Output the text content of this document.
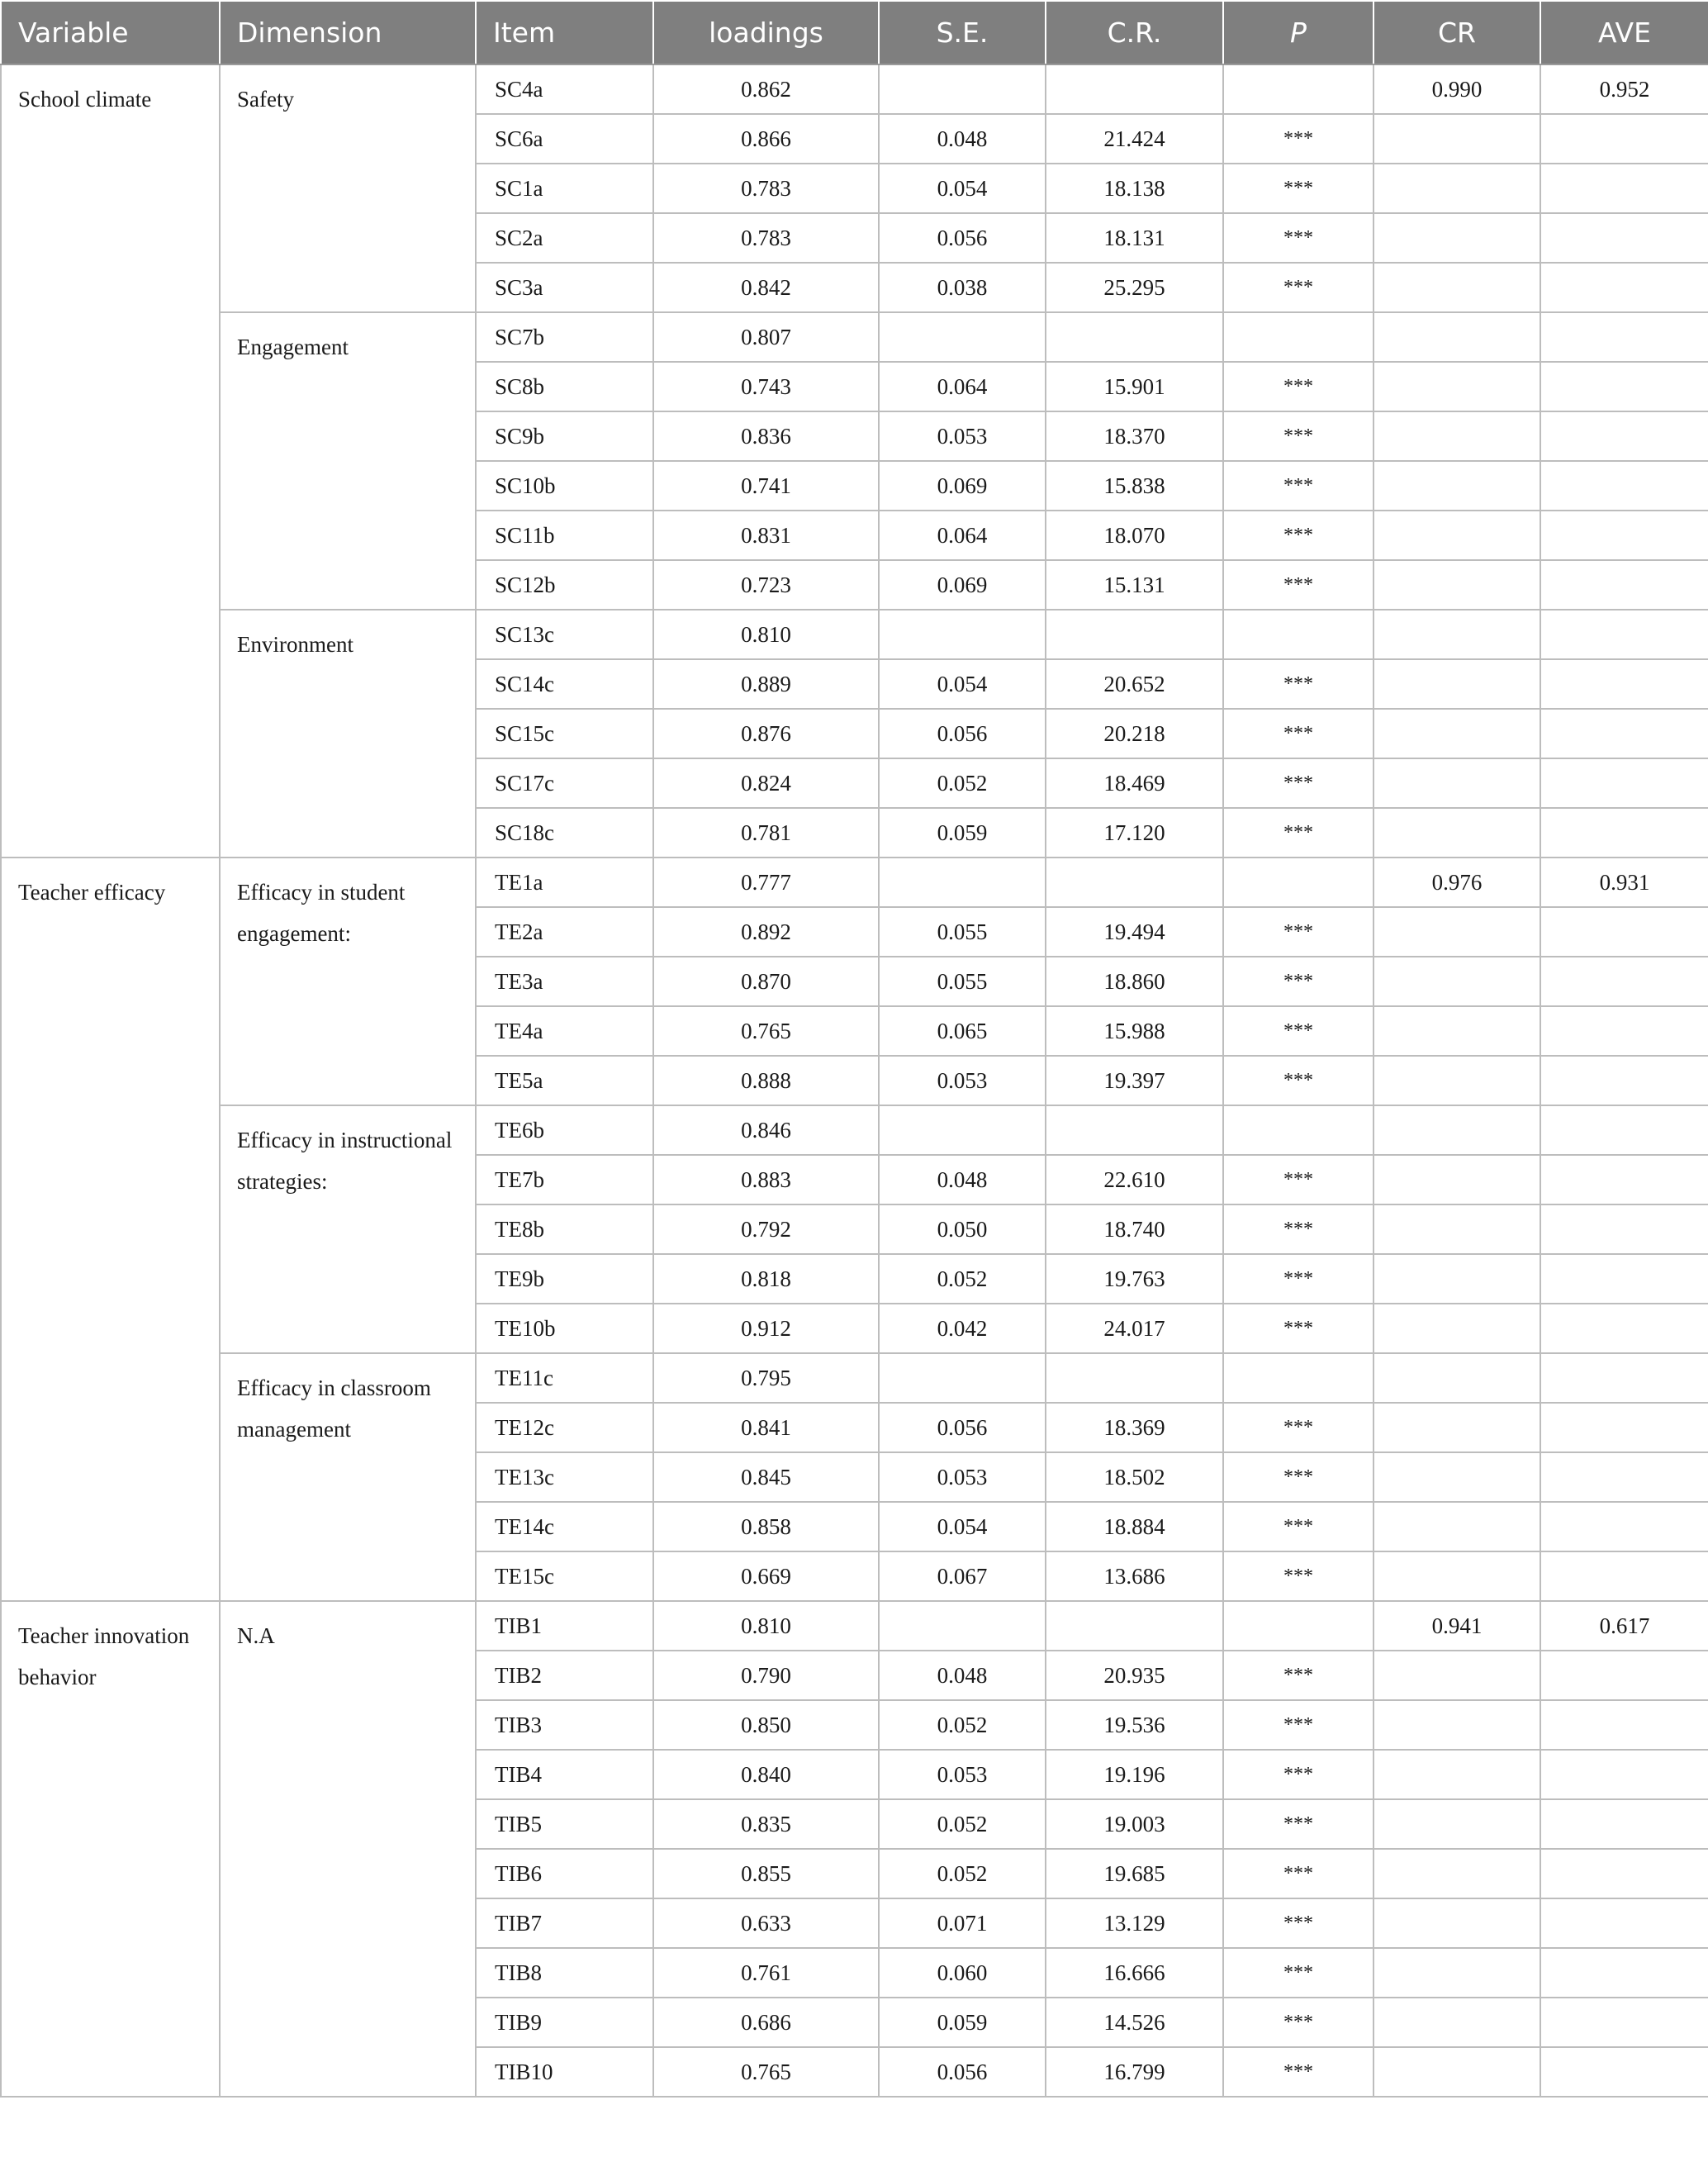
Variable	Dimension	Item	loadings	S.E.	C.R.	P	CR	AVE
School climate	Safety	SC4a	0.862				0.990	0.952
		SC6a	0.866	0.048	21.424	***		
		SC1a	0.783	0.054	18.138	***		
		SC2a	0.783	0.056	18.131	***		
		SC3a	0.842	0.038	25.295	***		
	Engagement	SC7b	0.807					
		SC8b	0.743	0.064	15.901	***		
		SC9b	0.836	0.053	18.370	***		
		SC10b	0.741	0.069	15.838	***		
		SC11b	0.831	0.064	18.070	***		
		SC12b	0.723	0.069	15.131	***		
	Environment	SC13c	0.810					
		SC14c	0.889	0.054	20.652	***		
		SC15c	0.876	0.056	20.218	***		
		SC17c	0.824	0.052	18.469	***		
		SC18c	0.781	0.059	17.120	***		
Teacher efficacy	Efficacy in student engagement:	TE1a	0.777				0.976	0.931
		TE2a	0.892	0.055	19.494	***		
		TE3a	0.870	0.055	18.860	***		
		TE4a	0.765	0.065	15.988	***		
		TE5a	0.888	0.053	19.397	***		
	Efficacy in instructional strategies:	TE6b	0.846					
		TE7b	0.883	0.048	22.610	***		
		TE8b	0.792	0.050	18.740	***		
		TE9b	0.818	0.052	19.763	***		
		TE10b	0.912	0.042	24.017	***		
	Efficacy in classroom management	TE11c	0.795					
		TE12c	0.841	0.056	18.369	***		
		TE13c	0.845	0.053	18.502	***		
		TE14c	0.858	0.054	18.884	***		
		TE15c	0.669	0.067	13.686	***		
Teacher innovation behavior	N.A	TIB1	0.810				0.941	0.617
		TIB2	0.790	0.048	20.935	***		
		TIB3	0.850	0.052	19.536	***		
		TIB4	0.840	0.053	19.196	***		
		TIB5	0.835	0.052	19.003	***		
		TIB6	0.855	0.052	19.685	***		
		TIB7	0.633	0.071	13.129	***		
		TIB8	0.761	0.060	16.666	***		
		TIB9	0.686	0.059	14.526	***		
		TIB10	0.765	0.056	16.799	***		
